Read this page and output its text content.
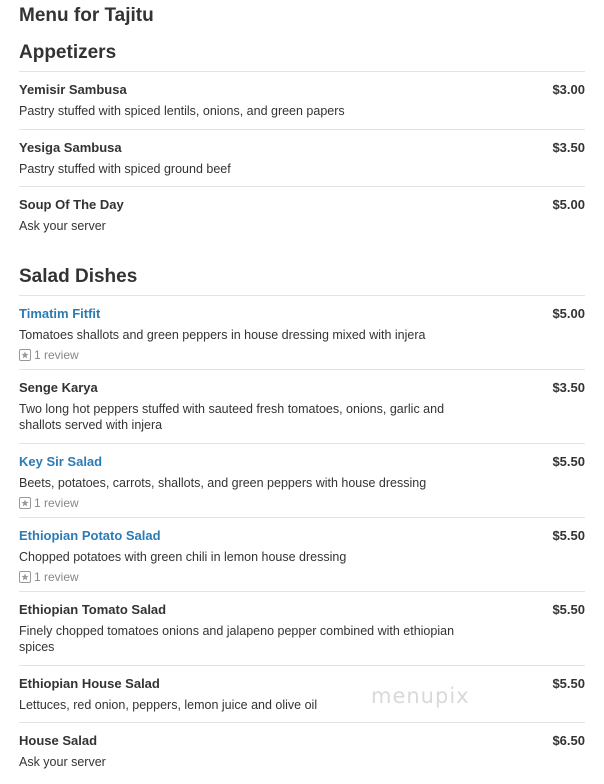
Menu for Tajitu
Appetizers
Yemisir Sambusa	$3.00
Pastry stuffed with spiced lentils, onions, and green papers
Yesiga Sambusa	$3.50
Pastry stuffed with spiced ground beef
Soup Of The Day	$5.00
Ask your server
Salad Dishes
Timatim Fitfit	$5.00
Tomatoes shallots and green peppers in house dressing mixed with injera
1 review
Senge Karya	$3.50
Two long hot peppers stuffed with sauteed fresh tomatoes, onions, garlic and shallots served with injera
Key Sir Salad	$5.50
Beets, potatoes, carrots, shallots, and green peppers with house dressing
1 review
Ethiopian Potato Salad	$5.50
Chopped potatoes with green chili in lemon house dressing
1 review
Ethiopian Tomato Salad	$5.50
Finely chopped tomatoes onions and jalapeno pepper combined with ethiopian spices
Ethiopian House Salad	$5.50
Lettuces, red onion, peppers, lemon juice and olive oil
House Salad	$6.50
Ask your server
menupix
